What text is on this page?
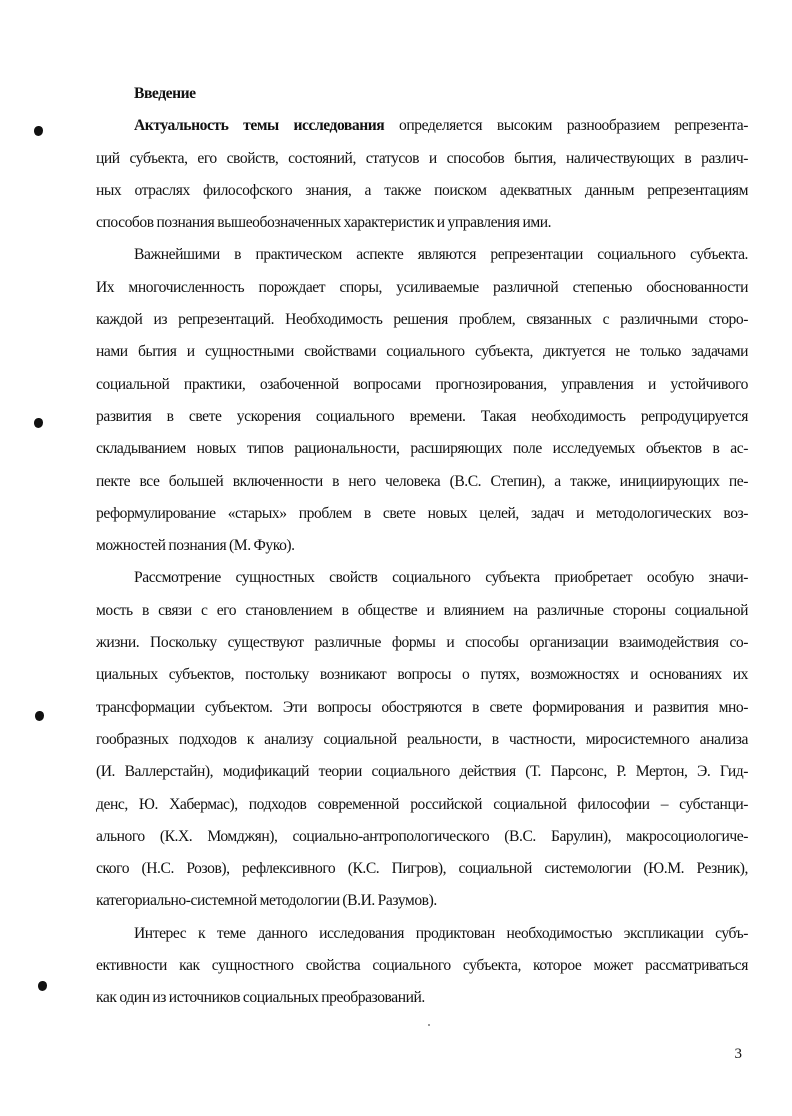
Введение
Актуальность темы исследования определяется высоким разнообразием репрезента-
ций субъекта, его свойств, состояний, статусов и способов бытия, наличествующих в различ-
ных отраслях философского знания, а также поиском адекватных данным репрезентациям
способов познания вышеобозначенных характеристик и управления ими.
Важнейшими в практическом аспекте являются репрезентации социального субъекта.
Их многочисленность порождает споры, усиливаемые различной степенью обоснованности
каждой из репрезентаций. Необходимость решения проблем, связанных с различными сторо-
нами бытия и сущностными свойствами социального субъекта, диктуется не только задачами
социальной практики, озабоченной вопросами прогнозирования, управления и устойчивого
развития в свете ускорения социального времени. Такая необходимость репродуцируется
складыванием новых типов рациональности, расширяющих поле исследуемых объектов в ас-
пекте все большей включенности в него человека (В.С. Степин), а также, инициирующих пе-
реформулирование «старых» проблем в свете новых целей, задач и методологических воз-
можностей познания (М. Фуко).
Рассмотрение сущностных свойств социального субъекта приобретает особую значи-
мость в связи с его становлением в обществе и влиянием на различные стороны социальной
жизни. Поскольку существуют различные формы и способы организации взаимодействия со-
циальных субъектов, постольку возникают вопросы о путях, возможностях и основаниях их
трансформации субъектом. Эти вопросы обостряются в свете формирования и развития мно-
гообразных подходов к анализу социальной реальности, в частности, миросистемного анализа
(И. Валлерстайн), модификаций теории социального действия (Т. Парсонс, Р. Мертон, Э. Гид-
денс, Ю. Хабермас), подходов современной российской социальной философии – субстанци-
ального (К.Х. Момджян), социально-антропологического (В.С. Барулин), макросоциологиче-
ского (Н.С. Розов), рефлексивного (К.С. Пигров), социальной системологии (Ю.М. Резник),
категориально-системной методологии (В.И. Разумов).
Интерес к теме данного исследования продиктован необходимостью экспликации субъ-
ективности как сущностного свойства социального субъекта, которое может рассматриваться
как один из источников социальных преобразований.
3
